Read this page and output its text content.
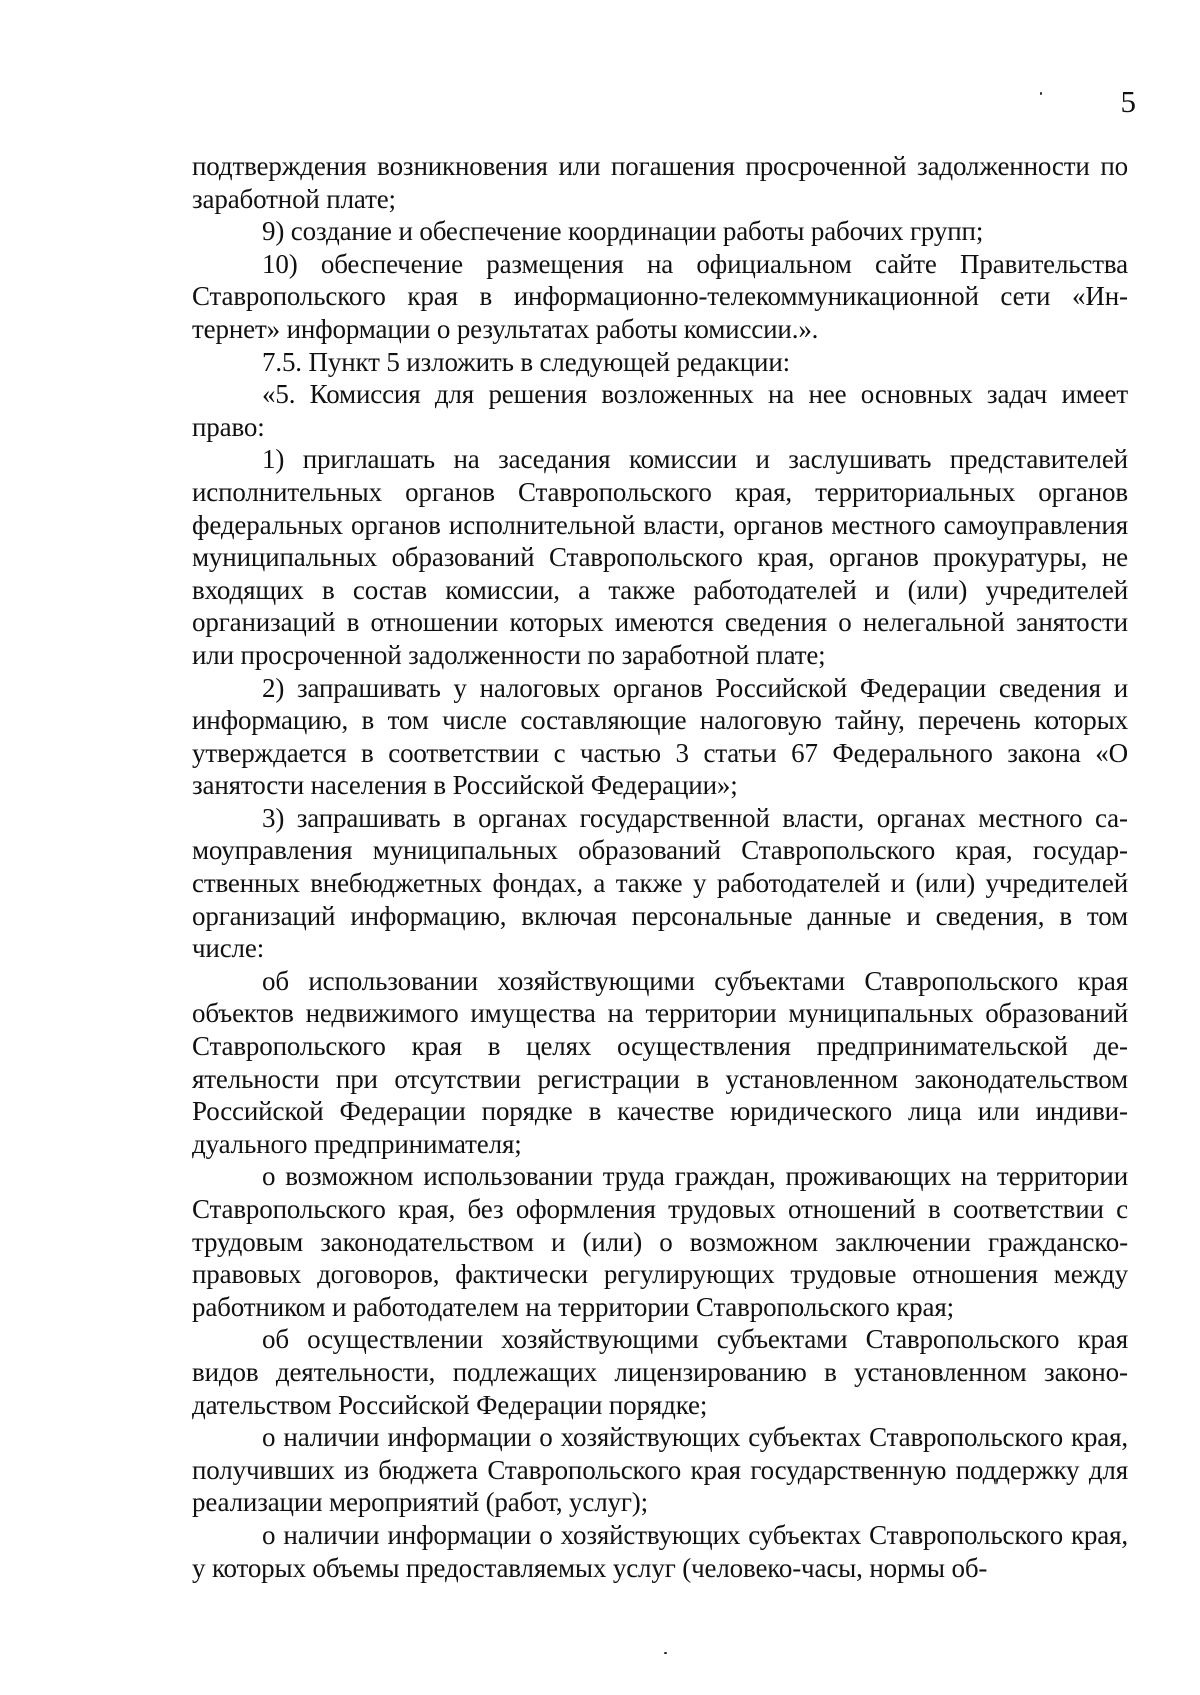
5

подтверждения возникновения или погашения просроченной задолженности по заработной плате;

9) создание и обеспечение координации работы рабочих групп;

10) обеспечение размещения на официальном сайте Правительства Ставропольского края в информационно-телекоммуникационной сети «Интернет» информации о результатах работы комиссии.».

7.5. Пункт 5 изложить в следующей редакции:

«5. Комиссия для решения возложенных на нее основных задач имеет право:

1) приглашать на заседания комиссии и заслушивать представителей исполнительных органов Ставропольского края, территориальных органов федеральных органов исполнительной власти, органов местного самоуправления муниципальных образований Ставропольского края, органов прокуратуры, не входящих в состав комиссии, а также работодателей и (или) учредителей организаций в отношении которых имеются сведения о нелегальной занятости или просроченной задолженности по заработной плате;

2) запрашивать у налоговых органов Российской Федерации сведения и информацию, в том числе составляющие налоговую тайну, перечень которых утверждается в соответствии с частью 3 статьи 67 Федерального закона «О занятости населения в Российской Федерации»;

3) запрашивать в органах государственной власти, органах местного самоуправления муниципальных образований Ставропольского края, государственных внебюджетных фондах, а также у работодателей и (или) учредителей организаций информацию, включая персональные данные и сведения, в том числе:

об использовании хозяйствующими субъектами Ставропольского края объектов недвижимого имущества на территории муниципальных образований Ставропольского края в целях осуществления предпринимательской деятельности при отсутствии регистрации в установленном законодательством Российской Федерации порядке в качестве юридического лица или индивидуального предпринимателя;

о возможном использовании труда граждан, проживающих на территории Ставропольского края, без оформления трудовых отношений в соответствии с трудовым законодательством и (или) о возможном заключении гражданско-правовых договоров, фактически регулирующих трудовые отношения между работником и работодателем на территории Ставропольского края;

об осуществлении хозяйствующими субъектами Ставропольского края видов деятельности, подлежащих лицензированию в установленном законодательством Российской Федерации порядке;

о наличии информации о хозяйствующих субъектах Ставропольского края, получивших из бюджета Ставропольского края государственную поддержку для реализации мероприятий (работ, услуг);

о наличии информации о хозяйствующих субъектах Ставропольского края, у которых объемы предоставляемых услуг (человеко-часы, нормы об-
